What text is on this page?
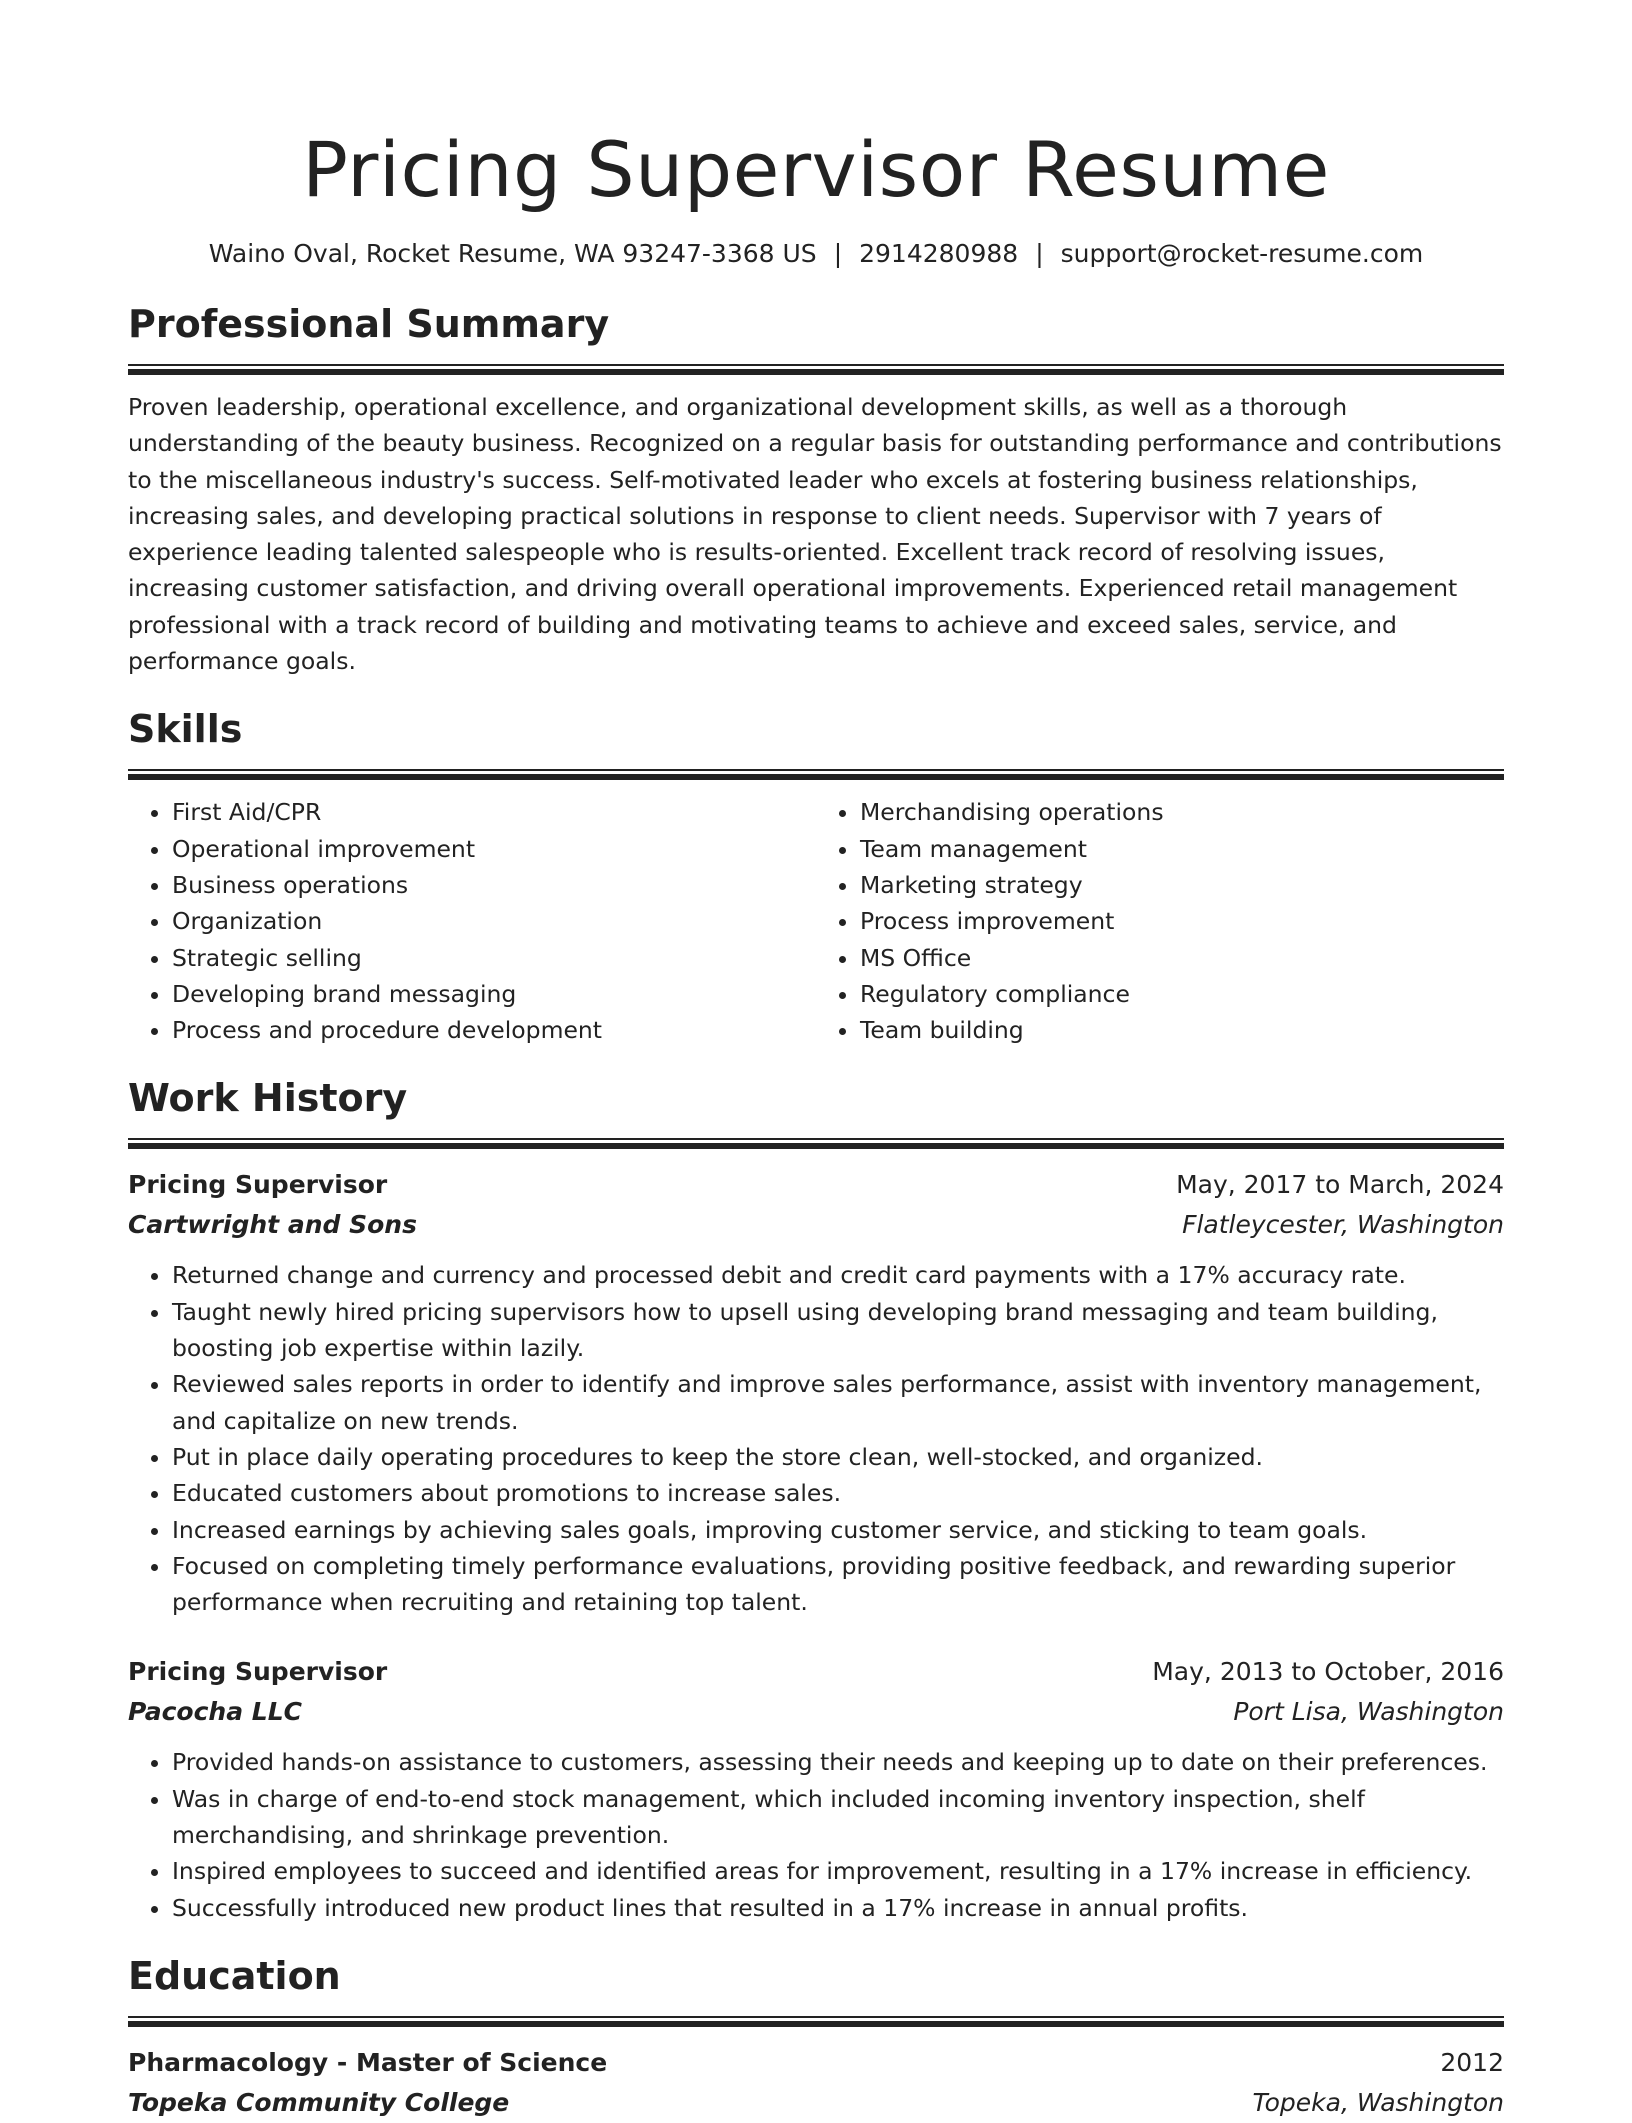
Pricing Supervisor Resume
Waino Oval, Rocket Resume, WA 93247-3368 US | 2914280988 | support@rocket-resume.com
Professional Summary

Proven leadership, operational excellence, and organizational development skills, as well as a thorough understanding of the beauty business. Recognized on a regular basis for outstanding performance and contributions to the miscellaneous industry's success. Self-motivated leader who excels at fostering business relationships, increasing sales, and developing practical solutions in response to client needs. Supervisor with 7 years of experience leading talented salespeople who is results-oriented. Excellent track record of resolving issues, increasing customer satisfaction, and driving overall operational improvements. Experienced retail management professional with a track record of building and motivating teams to achieve and exceed sales, service, and performance goals.

Skills
• First Aid/CPR
• Operational improvement
• Business operations
• Organization
• Strategic selling
• Developing brand messaging
• Process and procedure development
• Merchandising operations
• Team management
• Marketing strategy
• Process improvement
• MS Office
• Regulatory compliance
• Team building
Work History
Pricing Supervisor	May, 2017 to March, 2024
Cartwright and Sons	Flatleycester, Washington
• Returned change and currency and processed debit and credit card payments with a 17% accuracy rate.
• Taught newly hired pricing supervisors how to upsell using developing brand messaging and team building, boosting job expertise within lazily.
• Reviewed sales reports in order to identify and improve sales performance, assist with inventory management, and capitalize on new trends.
• Put in place daily operating procedures to keep the store clean, well-stocked, and organized.
• Educated customers about promotions to increase sales.
• Increased earnings by achieving sales goals, improving customer service, and sticking to team goals.
• Focused on completing timely performance evaluations, providing positive feedback, and rewarding superior performance when recruiting and retaining top talent.
Pricing Supervisor	May, 2013 to October, 2016
Pacocha LLC	Port Lisa, Washington
• Provided hands-on assistance to customers, assessing their needs and keeping up to date on their preferences.
• Was in charge of end-to-end stock management, which included incoming inventory inspection, shelf merchandising, and shrinkage prevention.
• Inspired employees to succeed and identified areas for improvement, resulting in a 17% increase in efficiency.
• Successfully introduced new product lines that resulted in a 17% increase in annual profits.
Education
Pharmacology - Master of Science	2012
Topeka Community College	Topeka, Washington
